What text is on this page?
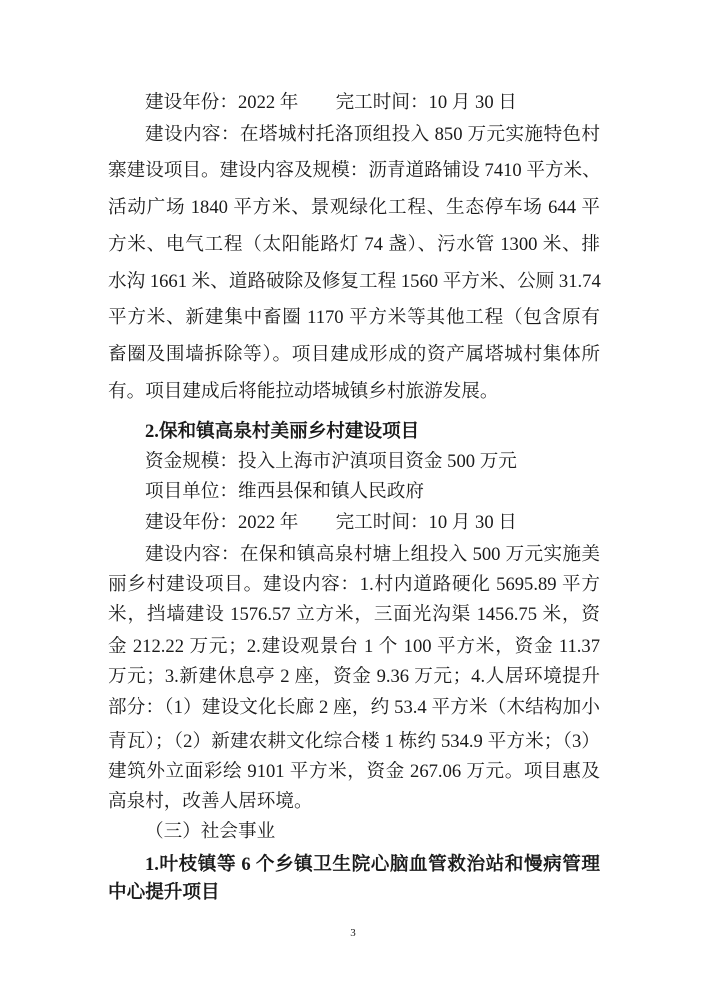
建设年份：2022 年　　完工时间：10 月 30 日
建设内容：在塔城村托洛顶组投入 850 万元实施特色村
寨建设项目。建设内容及规模：沥青道路铺设 7410 平方米、
活动广场 1840 平方米、景观绿化工程、生态停车场 644 平
方米、电气工程（太阳能路灯 74 盏）、污水管 1300 米、排
水沟 1661 米、道路破除及修复工程 1560 平方米、公厕 31.74
平方米、新建集中畜圈 1170 平方米等其他工程（包含原有
畜圈及围墙拆除等）。项目建成形成的资产属塔城村集体所
有。项目建成后将能拉动塔城镇乡村旅游发展。
2.保和镇高泉村美丽乡村建设项目
资金规模：投入上海市沪滇项目资金 500 万元
项目单位：维西县保和镇人民政府
建设年份：2022 年　　完工时间：10 月 30 日
建设内容：在保和镇高泉村塘上组投入 500 万元实施美
丽乡村建设项目。建设内容：1.村内道路硬化 5695.89 平方
米，挡墙建设 1576.57 立方米，三面光沟渠 1456.75 米，资
金 212.22 万元；2.建设观景台 1 个 100 平方米，资金 11.37
万元；3.新建休息亭 2 座，资金 9.36 万元；4.人居环境提升
部分：（1）建设文化长廊 2 座，约 53.4 平方米（木结构加小
青瓦）；（2）新建农耕文化综合楼 1 栋约 534.9 平方米；（3）
建筑外立面彩绘 9101 平方米，资金 267.06 万元。项目惠及
高泉村，改善人居环境。
（三）社会事业
1.叶枝镇等 6 个乡镇卫生院心脑血管救治站和慢病管理
中心提升项目
3
